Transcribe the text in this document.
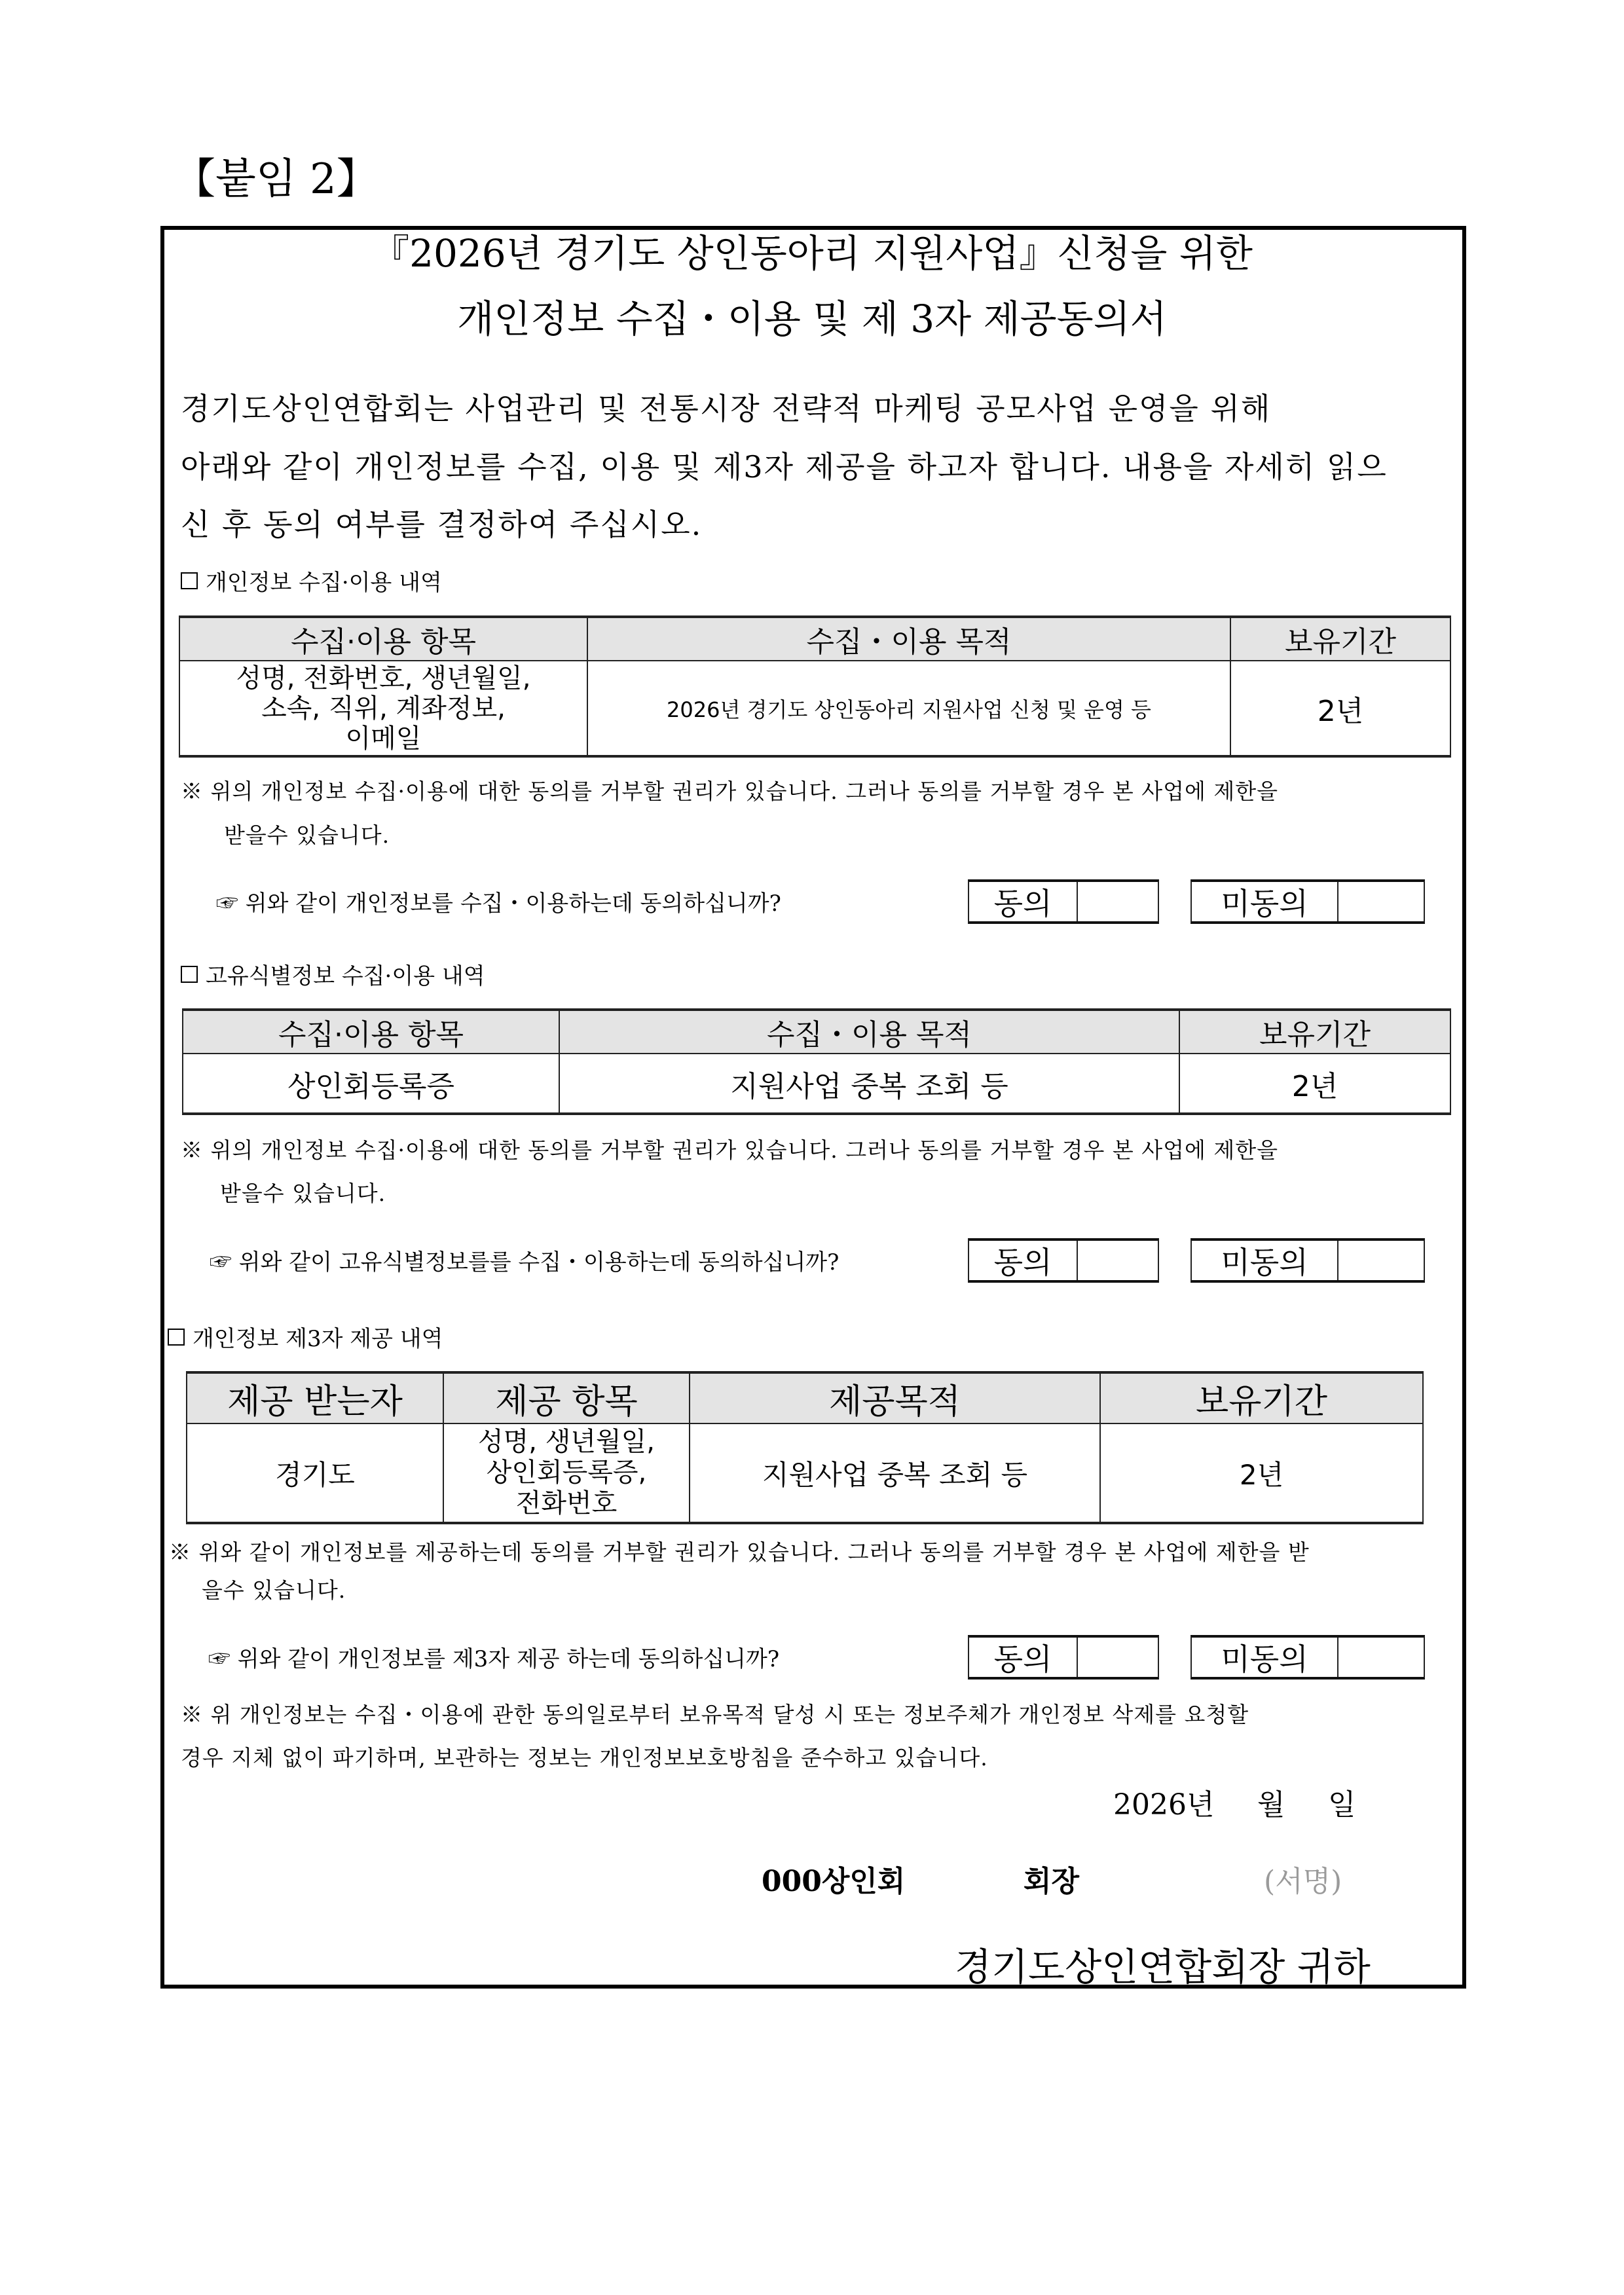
【붙임 2】
『2026년 경기도 상인동아리 지원사업』신청을 위한
개인정보 수집・이용 및 제 3자 제공동의서
경기도상인연합회는 사업관리 및 전통시장 전략적 마케팅 공모사업 운영을 위해
아래와 같이 개인정보를 수집, 이용 및 제3자 제공을 하고자 합니다. 내용을 자세히 읽으
신 후 동의 여부를 결정하여 주십시오.
개인정보 수집·이용 내역
수집·이용 항목	수집・이용 목적	보유기간

성명, 전화번호, 생년월일,
소속, 직위, 계좌정보,
이메일	2026년 경기도 상인동아리 지원사업 신청 및 운영 등	2년
※ 위의 개인정보 수집·이용에 대한 동의를 거부할 권리가 있습니다. 그러나 동의를 거부할 경우 본 사업에 제한을
받을수 있습니다.
☞ 위와 같이 개인정보를 수집・이용하는데 동의하십니까?	동의	미동의
고유식별정보 수집·이용 내역
수집·이용 항목	수집・이용 목적	보유기간
상인회등록증	지원사업 중복 조회 등	2년
※ 위의 개인정보 수집·이용에 대한 동의를 거부할 권리가 있습니다. 그러나 동의를 거부할 경우 본 사업에 제한을
받을수 있습니다.
☞ 위와 같이 고유식별정보를를 수집・이용하는데 동의하십니까?	동의	미동의
개인정보 제3자 제공 내역
제공 받는자	제공 항목	제공목적	보유기간
경기도	성명, 생년월일,
상인회등록증,
전화번호	지원사업 중복 조회 등	2년
※ 위와 같이 개인정보를 제공하는데 동의를 거부할 권리가 있습니다. 그러나 동의를 거부할 경우 본 사업에 제한을 받
을수 있습니다.
☞ 위와 같이 개인정보를 제3자 제공 하는데 동의하십니까?	동의	미동의
※ 위 개인정보는 수집・이용에 관한 동의일로부터 보유목적 달성 시 또는 정보주체가 개인정보 삭제를 요청할
경우 지체 없이 파기하며, 보관하는 정보는 개인정보보호방침을 준수하고 있습니다.
2026년 월 일
000상인회	회장	(서명)
경기도상인연합회장 귀하
